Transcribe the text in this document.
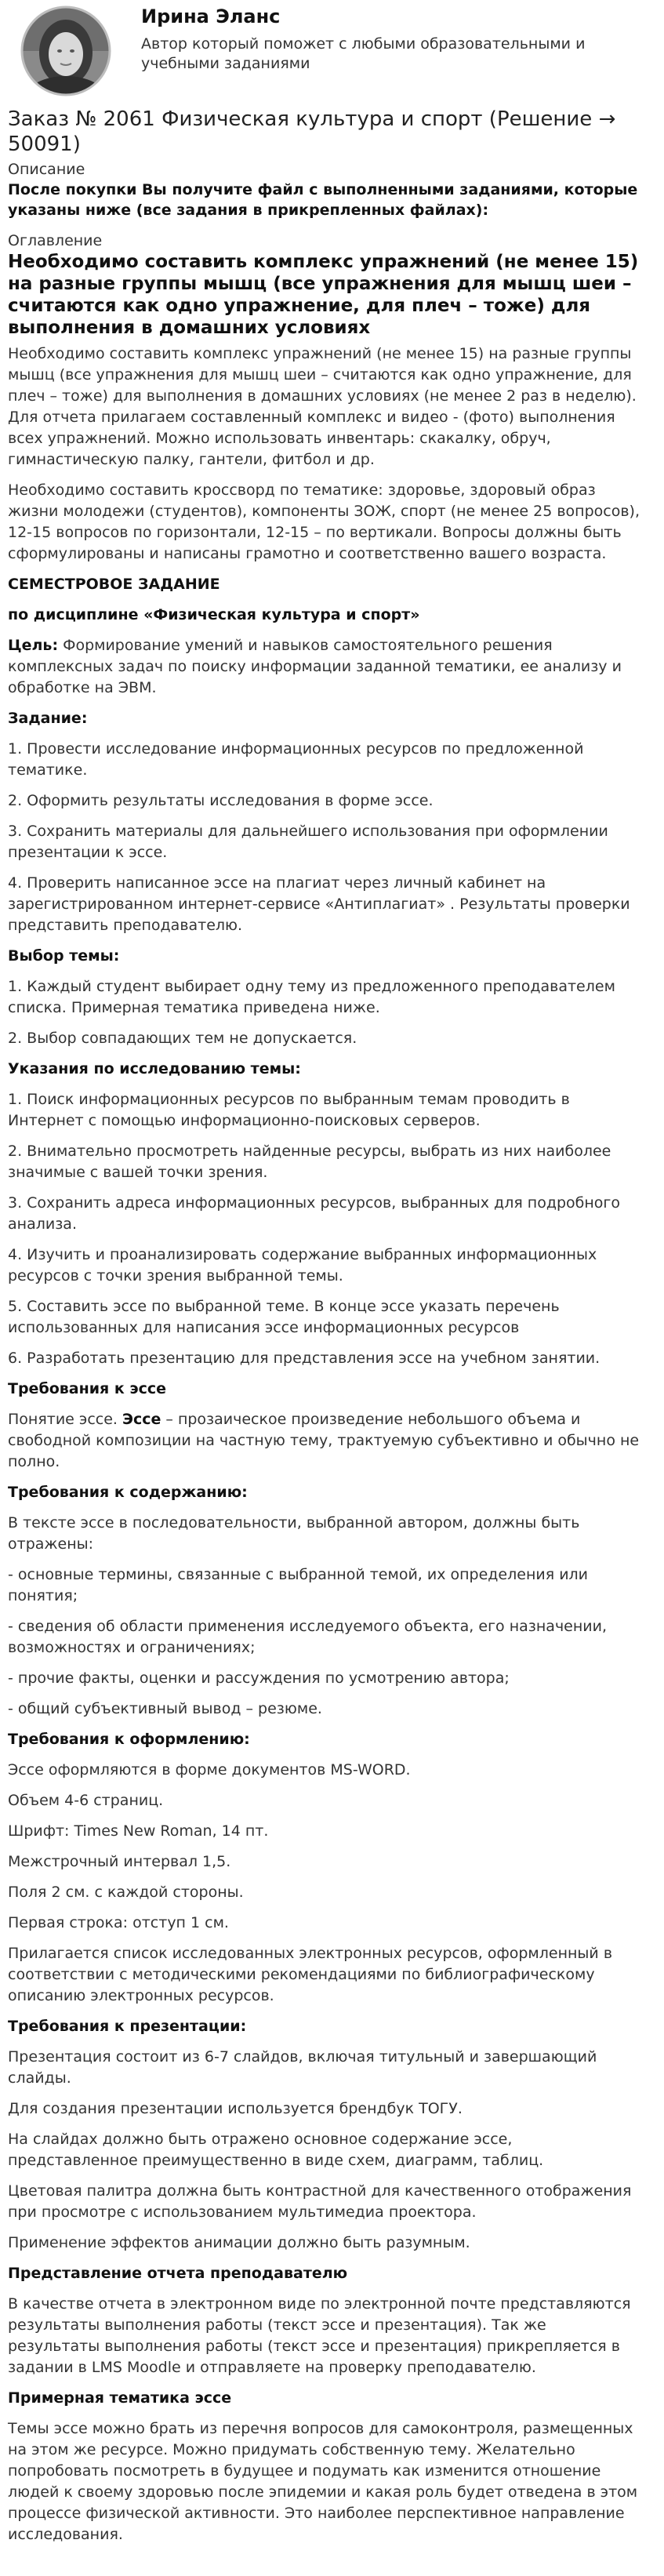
Ирина Эланс
Автор который поможет с любыми образовательными и учебными заданиями
Заказ № 2061 Физическая культура и спорт (Решение → 50091)
Описание
После покупки Вы получите файл с выполненными заданиями, которые указаны ниже (все задания в прикрепленных файлах):
Оглавление
Необходимо составить комплекс упражнений (не менее 15) на разные группы мышц (все упражнения для мышц шеи – считаются как одно упражнение, для плеч – тоже) для выполнения в домашних условиях

Необходимо составить комплекс упражнений (не менее 15) на разные группы мышц (все упражнения для мышц шеи – считаются как одно упражнение, для плеч – тоже) для выполнения в домашних условиях (не менее 2 раз в неделю). Для отчета прилагаем составленный комплекс и видео - (фото) выполнения всех упражнений. Можно использовать инвентарь: скакалку, обруч, гимнастическую палку, гантели, фитбол и др.

Необходимо составить кроссворд по тематике: здоровье, здоровый образ жизни молодежи (студентов), компоненты ЗОЖ, спорт (не менее 25 вопросов), 12-15 вопросов по горизонтали, 12-15 – по вертикали. Вопросы должны быть сформулированы и написаны грамотно и соответственно вашего возраста.

СЕМЕСТРОВОЕ ЗАДАНИЕ

по дисциплине «Физическая культура и спорт»

Цель: Формирование умений и навыков самостоятельного решения комплексных задач по поиску информации заданной тематики, ее анализу и обработке на ЭВМ.

Задание:

1. Провести исследование информационных ресурсов по предложенной тематике.

2. Оформить результаты исследования в форме эссе.

3. Сохранить материалы для дальнейшего использования при оформлении презентации к эссе.

4. Проверить написанное эссе на плагиат через личный кабинет на зарегистрированном интернет-сервисе «Антиплагиат» . Результаты проверки представить преподавателю.

Выбор темы:

1. Каждый студент выбирает одну тему из предложенного преподавателем списка. Примерная тематика приведена ниже.

2. Выбор совпадающих тем не допускается.

Указания по исследованию темы:

1. Поиск информационных ресурсов по выбранным темам проводить в Интернет с помощью информационно-поисковых серверов.

2. Внимательно просмотреть найденные ресурсы, выбрать из них наиболее значимые с вашей точки зрения.

3. Сохранить адреса информационных ресурсов, выбранных для подробного анализа.

4. Изучить и проанализировать содержание выбранных информационных ресурсов с точки зрения выбранной темы.

5. Составить эссе по выбранной теме. В конце эссе указать перечень использованных для написания эссе информационных ресурсов

6. Разработать презентацию для представления эссе на учебном занятии.

Требования к эссе

Понятие эссе. Эссе – прозаическое произведение небольшого объема и свободной композиции на частную тему, трактуемую субъективно и обычно не полно.

Требования к содержанию:

В тексте эссе в последовательности, выбранной автором, должны быть отражены:

- основные термины, связанные с выбранной темой, их определения или понятия;

- сведения об области применения исследуемого объекта, его назначении, возможностях и ограничениях;

- прочие факты, оценки и рассуждения по усмотрению автора;

- общий субъективный вывод – резюме.

Требования к оформлению:

Эссе оформляются в форме документов MS-WORD.

Объем 4-6 страниц.

Шрифт: Times New Roman, 14 пт.

Межстрочный интервал 1,5.

Поля 2 см. с каждой стороны.

Первая строка: отступ 1 см.

Прилагается список исследованных электронных ресурсов, оформленный в соответствии с методическими рекомендациями по библиографическому описанию электронных ресурсов.

Требования к презентации:

Презентация состоит из 6-7 слайдов, включая титульный и завершающий слайды.

Для создания презентации используется брендбук ТОГУ.

На слайдах должно быть отражено основное содержание эссе, представленное преимущественно в виде схем, диаграмм, таблиц.

Цветовая палитра должна быть контрастной для качественного отображения при просмотре с использованием мультимедиа проектора.

Применение эффектов анимации должно быть разумным.

Представление отчета преподавателю

В качестве отчета в электронном виде по электронной почте представляются результаты выполнения работы (текст эссе и презентация). Так же результаты выполнения работы (текст эссе и презентация) прикрепляется в задании в LMS Moodle и отправляете на проверку преподавателю.

Примерная тематика эссе

Темы эссе можно брать из перечня вопросов для самоконтроля, размещенных на этом же ресурсе. Можно придумать собственную тему. Желательно попробовать посмотреть в будущее и подумать как изменится отношение людей к своему здоровью после эпидемии и какая роль будет отведена в этом процессе физической активности. Это наиболее перспективное направление исследования.
